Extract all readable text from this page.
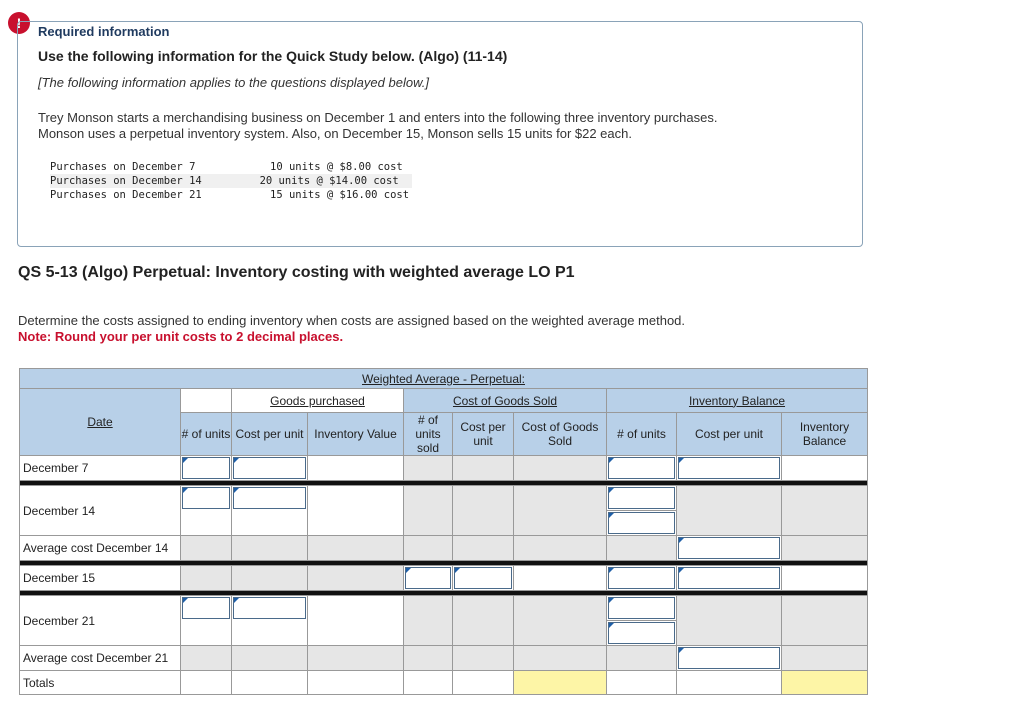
!
Required information
Use the following information for the Quick Study below. (Algo) (11-14)
[The following information applies to the questions displayed below.]
Trey Monson starts a merchandising business on December 1 and enters into the following three inventory purchases.
Monson uses a perpetual inventory system. Also, on December 15, Monson sells 15 units for $22 each.
Purchases on December 7	10 units @ $8.00 cost
Purchases on December 14	20 units @ $14.00 cost
Purchases on December 21	15 units @ $16.00 cost
QS 5-13 (Algo) Perpetual: Inventory costing with weighted average LO P1
Determine the costs assigned to ending inventory when costs are assigned based on the weighted average method.
Note: Round your per unit costs to 2 decimal places.
Weighted Average - Perpetual:									
Date		Goods purchased		Cost of Goods Sold			Inventory Balance		
	# of units	Cost per unit	Inventory Value	# of units sold	Cost per unit	Cost of Goods Sold	# of units	Cost per unit	Inventory Balance
December 7	

December 14	

Average cost December 14								

December 15				

December 21	

Average cost December 21								

Totals									
